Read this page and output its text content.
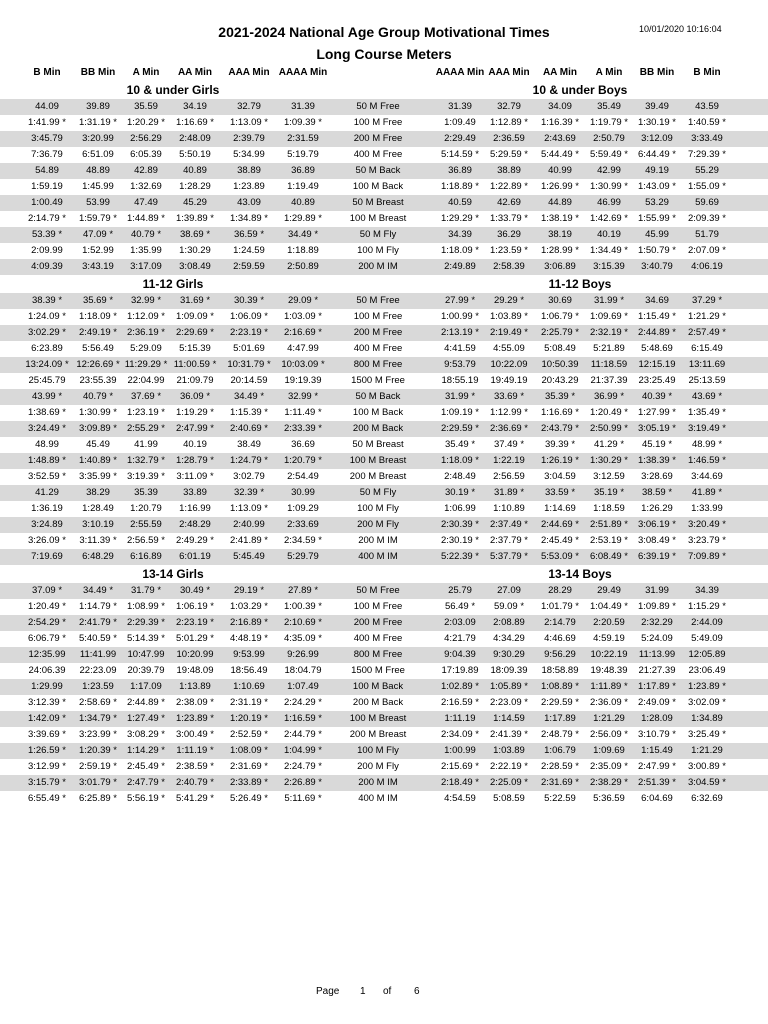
2021-2024 National Age Group Motivational Times
Long Course Meters
10/01/2020 10:16:04
B Min	BB Min	A Min	AA Min	AAA Min AAAA Min	AAAA Min AAA Min	AA Min	A Min	BB Min	B Min
10 & under Girls	10 & under Boys
44.09	39.89	35.59	34.19	32.79	31.39	50 M Free	31.39	32.79	34.09	35.49	39.49	43.59
1:41.99 *	1:31.19 *	1:20.29 *	1:16.69 *	1:13.09 *	1:09.39 *	100 M Free	1:09.49	1:12.89 *	1:16.39 *	1:19.79 *	1:30.19 *	1:40.59 *
3:45.79	3:20.99	2:56.29	2:48.09	2:39.79	2:31.59	200 M Free	2:29.49	2:36.59	2:43.69	2:50.79	3:12.09	3:33.49
7:36.79	6:51.09	6:05.39	5:50.19	5:34.99	5:19.79	400 M Free	5:14.59 *	5:29.59 *	5:44.49 *	5:59.49 *	6:44.49 *	7:29.39 *
54.89	48.89	42.89	40.89	38.89	36.89	50 M Back	36.89	38.89	40.99	42.99	49.19	55.29
1:59.19	1:45.99	1:32.69	1:28.29	1:23.89	1:19.49	100 M Back	1:18.89 *	1:22.89 *	1:26.99 *	1:30.99 *	1:43.09 *	1:55.09 *
1:00.49	53.99	47.49	45.29	43.09	40.89	50 M Breast	40.59	42.69	44.89	46.99	53.29	59.69
2:14.79 *	1:59.79 *	1:44.89 *	1:39.89 *	1:34.89 *	1:29.89 *	100 M Breast	1:29.29 *	1:33.79 *	1:38.19 *	1:42.69 *	1:55.99 *	2:09.39 *
53.39 *	47.09 *	40.79 *	38.69 *	36.59 *	34.49 *	50 M Fly	34.39	36.29	38.19	40.19	45.99	51.79
2:09.99	1:52.99	1:35.99	1:30.29	1:24.59	1:18.89	100 M Fly	1:18.09 *	1:23.59 *	1:28.99 *	1:34.49 *	1:50.79 *	2:07.09 *
4:09.39	3:43.19	3:17.09	3:08.49	2:59.59	2:50.89	200 M IM	2:49.89	2:58.39	3:06.89	3:15.39	3:40.79	4:06.19
11-12 Girls	11-12 Boys
38.39 *	35.69 *	32.99 *	31.69 *	30.39 *	29.09 *	50 M Free	27.99 *	29.29 *	30.69	31.99 *	34.69	37.29 *
1:24.09 *	1:18.09 *	1:12.09 *	1:09.09 *	1:06.09 *	1:03.09 *	100 M Free	1:00.99 *	1:03.89 *	1:06.79 *	1:09.69 *	1:15.49 *	1:21.29 *
3:02.29 *	2:49.19 *	2:36.19 *	2:29.69 *	2:23.19 *	2:16.69 *	200 M Free	2:13.19 *	2:19.49 *	2:25.79 *	2:32.19 *	2:44.89 *	2:57.49 *
6:23.89	5:56.49	5:29.09	5:15.39	5:01.69	4:47.99	400 M Free	4:41.59	4:55.09	5:08.49	5:21.89	5:48.69	6:15.49
13:24.09 * 12:26.69 * 11:29.29 * 11:00.59 *	10:31.79 *	10:03.09 *	800 M Free	9:53.79	10:22.09	10:50.39	11:18.59	12:15.19	13:11.69
25:45.79	23:55.39	22:04.99	21:09.79	20:14.59	19:19.39	1500 M Free	18:55.19	19:49.19	20:43.29	21:37.39	23:25.49	25:13.59
43.99 *	40.79 *	37.69 *	36.09 *	34.49 *	32.99 *	50 M Back	31.99 *	33.69 *	35.39 *	36.99 *	40.39 *	43.69 *
1:38.69 *	1:30.99 *	1:23.19 *	1:19.29 *	1:15.39 *	1:11.49 *	100 M Back	1:09.19 *	1:12.99 *	1:16.69 *	1:20.49 *	1:27.99 *	1:35.49 *
3:24.49 *	3:09.89 *	2:55.29 *	2:47.99 *	2:40.69 *	2:33.39 *	200 M Back	2:29.59 *	2:36.69 *	2:43.79 *	2:50.99 *	3:05.19 *	3:19.49 *
48.99	45.49	41.99	40.19	38.49	36.69	50 M Breast	35.49 *	37.49 *	39.39 *	41.29 *	45.19 *	48.99 *
1:48.89 *	1:40.89 *	1:32.79 *	1:28.79 *	1:24.79 *	1:20.79 *	100 M Breast	1:18.09 *	1:22.19	1:26.19 *	1:30.29 *	1:38.39 *	1:46.59 *
3:52.59 *	3:35.99 *	3:19.39 *	3:11.09 *	3:02.79	2:54.49	200 M Breast	2:48.49	2:56.59	3:04.59	3:12.59	3:28.69	3:44.69
41.29	38.29	35.39	33.89	32.39 *	30.99	50 M Fly	30.19 *	31.89 *	33.59 *	35.19 *	38.59 *	41.89 *
1:36.19	1:28.49	1:20.79	1:16.99	1:13.09 *	1:09.29	100 M Fly	1:06.99	1:10.89	1:14.69	1:18.59	1:26.29	1:33.99
3:24.89	3:10.19	2:55.59	2:48.29	2:40.99	2:33.69	200 M Fly	2:30.39 *	2:37.49 *	2:44.69 *	2:51.89 *	3:06.19 *	3:20.49 *
3:26.09 *	3:11.39 *	2:56.59 *	2:49.29 *	2:41.89 *	2:34.59 *	200 M IM	2:30.19 *	2:37.79 *	2:45.49 *	2:53.19 *	3:08.49 *	3:23.79 *
7:19.69	6:48.29	6:16.89	6:01.19	5:45.49	5:29.79	400 M IM	5:22.39 *	5:37.79 *	5:53.09 *	6:08.49 *	6:39.19 *	7:09.89 *
13-14 Girls	13-14 Boys
37.09 *	34.49 *	31.79 *	30.49 *	29.19 *	27.89 *	50 M Free	25.79	27.09	28.29	29.49	31.99	34.39
1:20.49 *	1:14.79 *	1:08.99 *	1:06.19 *	1:03.29 *	1:00.39 *	100 M Free	56.49 *	59.09 *	1:01.79 *	1:04.49 *	1:09.89 *	1:15.29 *
2:54.29 *	2:41.79 *	2:29.39 *	2:23.19 *	2:16.89 *	2:10.69 *	200 M Free	2:03.09	2:08.89	2:14.79	2:20.59	2:32.29	2:44.09
6:06.79 *	5:40.59 *	5:14.39 *	5:01.29 *	4:48.19 *	4:35.09 *	400 M Free	4:21.79	4:34.29	4:46.69	4:59.19	5:24.09	5:49.09
12:35.99	11:41.99	10:47.99	10:20.99	9:53.99	9:26.99	800 M Free	9:04.39	9:30.29	9:56.29	10:22.19	11:13.99	12:05.89
24:06.39	22:23.09	20:39.79	19:48.09	18:56.49	18:04.79	1500 M Free	17:19.89	18:09.39	18:58.89	19:48.39	21:27.39	23:06.49
1:29.99	1:23.59	1:17.09	1:13.89	1:10.69	1:07.49	100 M Back	1:02.89 *	1:05.89 *	1:08.89 *	1:11.89 *	1:17.89 *	1:23.89 *
3:12.39 *	2:58.69 *	2:44.89 *	2:38.09 *	2:31.19 *	2:24.29 *	200 M Back	2:16.59 *	2:23.09 *	2:29.59 *	2:36.09 *	2:49.09 *	3:02.09 *
1:42.09 *	1:34.79 *	1:27.49 *	1:23.89 *	1:20.19 *	1:16.59 *	100 M Breast	1:11.19	1:14.59	1:17.89	1:21.29	1:28.09	1:34.89
3:39.69 *	3:23.99 *	3:08.29 *	3:00.49 *	2:52.59 *	2:44.79 *	200 M Breast	2:34.09 *	2:41.39 *	2:48.79 *	2:56.09 *	3:10.79 *	3:25.49 *
1:26.59 *	1:20.39 *	1:14.29 *	1:11.19 *	1:08.09 *	1:04.99 *	100 M Fly	1:00.99	1:03.89	1:06.79	1:09.69	1:15.49	1:21.29
3:12.99 *	2:59.19 *	2:45.49 *	2:38.59 *	2:31.69 *	2:24.79 *	200 M Fly	2:15.69 *	2:22.19 *	2:28.59 *	2:35.09 *	2:47.99 *	3:00.89 *
3:15.79 *	3:01.79 *	2:47.79 *	2:40.79 *	2:33.89 *	2:26.89 *	200 M IM	2:18.49 *	2:25.09 *	2:31.69 *	2:38.29 *	2:51.39 *	3:04.59 *
6:55.49 *	6:25.89 *	5:56.19 *	5:41.29 *	5:26.49 *	5:11.69 *	400 M IM	4:54.59	5:08.59	5:22.59	5:36.59	6:04.69	6:32.69
Page 1 of 6
